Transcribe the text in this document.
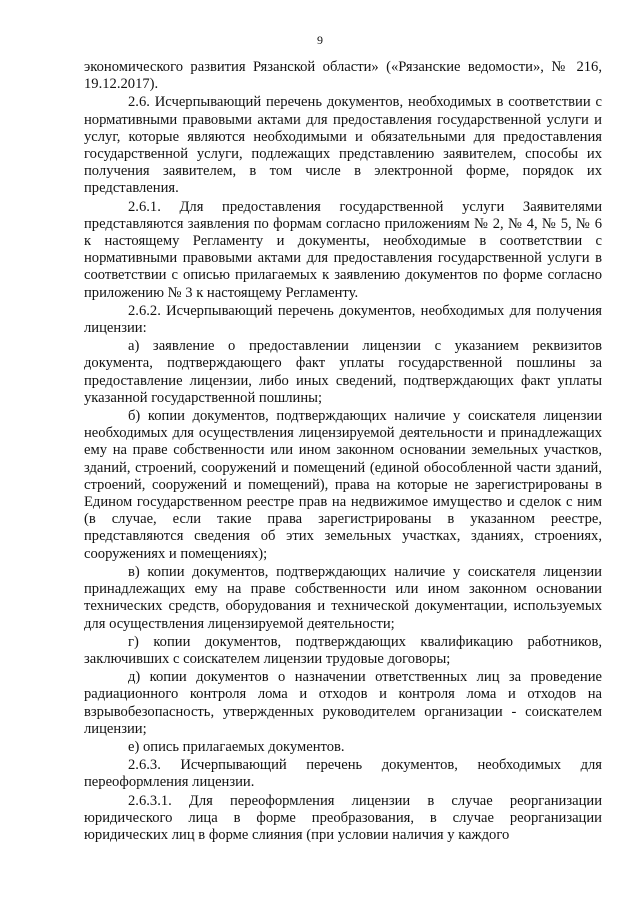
9

экономического развития Рязанской области» («Рязанские ведомости», № 216, 19.12.2017).

2.6. Исчерпывающий перечень документов, необходимых в соответствии с нормативными правовыми актами для предоставления государственной услуги и услуг, которые являются необходимыми и обязательными для предоставления государственной услуги, подлежащих представлению заявителем, способы их получения заявителем, в том числе в электронной форме, порядок их представления.

2.6.1. Для предоставления государственной услуги Заявителями представляются заявления по формам согласно приложениям № 2, № 4, № 5, № 6 к настоящему Регламенту и документы, необходимые в соответствии с нормативными правовыми актами для предоставления государственной услуги в соответствии с описью прилагаемых к заявлению документов по форме согласно приложению № 3 к настоящему Регламенту.

2.6.2. Исчерпывающий перечень документов, необходимых для получения лицензии:

а) заявление о предоставлении лицензии с указанием реквизитов документа, подтверждающего факт уплаты государственной пошлины за предоставление лицензии, либо иных сведений, подтверждающих факт уплаты указанной государственной пошлины;

б) копии документов, подтверждающих наличие у соискателя лицензии необходимых для осуществления лицензируемой деятельности и принадлежащих ему на праве собственности или ином законном основании земельных участков, зданий, строений, сооружений и помещений (единой обособленной части зданий, строений, сооружений и помещений), права на которые не зарегистрированы в Едином государственном реестре прав на недвижимое имущество и сделок с ним (в случае, если такие права зарегистрированы в указанном реестре, представляются сведения об этих земельных участках, зданиях, строениях, сооружениях и помещениях);

в) копии документов, подтверждающих наличие у соискателя лицензии принадлежащих ему на праве собственности или ином законном основании технических средств, оборудования и технической документации, используемых для осуществления лицензируемой деятельности;

г) копии документов, подтверждающих квалификацию работников, заключивших с соискателем лицензии трудовые договоры;

д) копии документов о назначении ответственных лиц за проведение радиационного контроля лома и отходов и контроля лома и отходов на взрывобезопасность, утвержденных руководителем организации - соискателем лицензии;

е) опись прилагаемых документов.

2.6.3. Исчерпывающий перечень документов, необходимых для переоформления лицензии.

2.6.3.1. Для переоформления лицензии в случае реорганизации юридического лица в форме преобразования, в случае реорганизации юридических лиц в форме слияния (при условии наличия у каждого
